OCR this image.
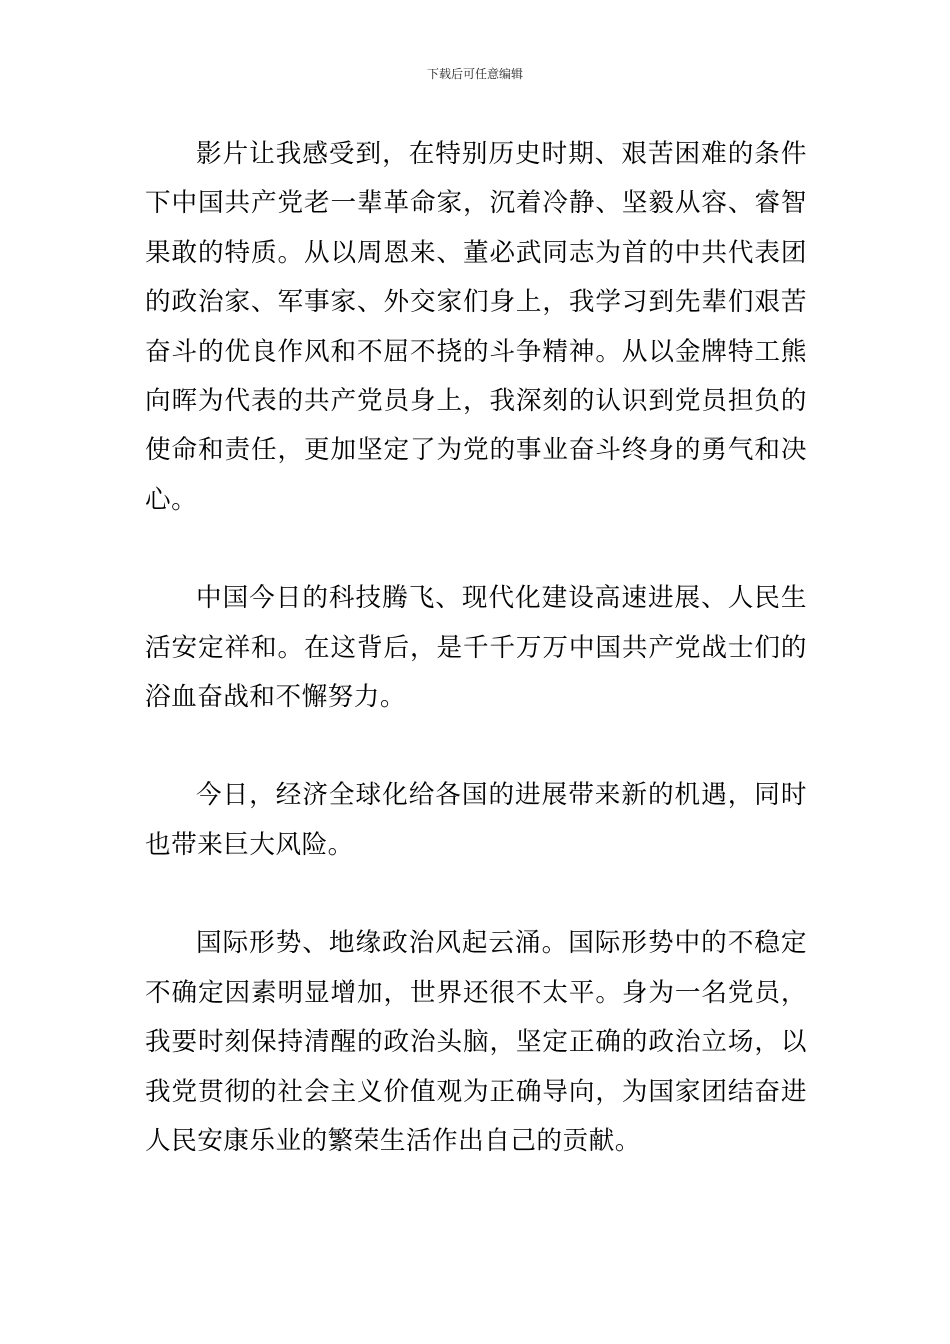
下载后可任意编辑

影片让我感受到，在特别历史时期、艰苦困难的条件下中国共产党老一辈革命家，沉着冷静、坚毅从容、睿智果敢的特质。从以周恩来、董必武同志为首的中共代表团的政治家、军事家、外交家们身上，我学习到先辈们艰苦奋斗的优良作风和不屈不挠的斗争精神。从以金牌特工熊向晖为代表的共产党员身上，我深刻的认识到党员担负的使命和责任，更加坚定了为党的事业奋斗终身的勇气和决心。

中国今日的科技腾飞、现代化建设高速进展、人民生活安定祥和。在这背后，是千千万万中国共产党战士们的浴血奋战和不懈努力。

今日，经济全球化给各国的进展带来新的机遇，同时也带来巨大风险。

国际形势、地缘政治风起云涌。国际形势中的不稳定不确定因素明显增加，世界还很不太平。身为一名党员，我要时刻保持清醒的政治头脑，坚定正确的政治立场，以我党贯彻的社会主义价值观为正确导向，为国家团结奋进人民安康乐业的繁荣生活作出自己的贡献。
